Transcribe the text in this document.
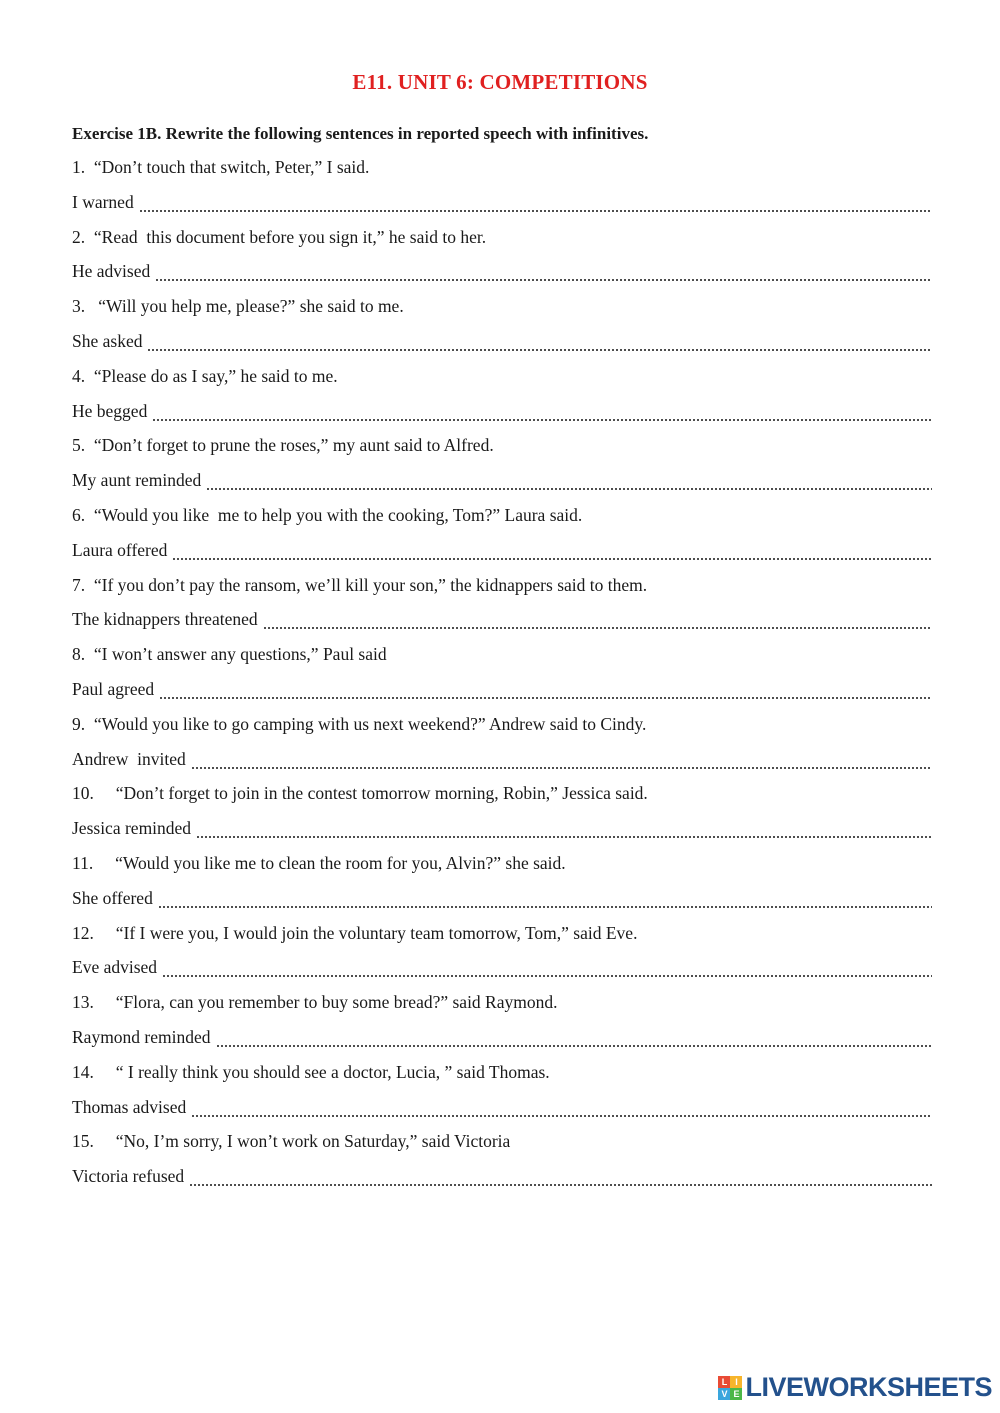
E11. UNIT 6: COMPETITIONS
Exercise 1B. Rewrite the following sentences in reported speech with infinitives.
1.  “Don’t touch that switch, Peter,” I said.
I warned
2.  “Read  this document before you sign it,” he said to her.
He advised
3.   “Will you help me, please?” she said to me.
She asked
4.  “Please do as I say,” he said to me.
He begged
5.  “Don’t forget to prune the roses,” my aunt said to Alfred.
My aunt reminded
6.  “Would you like  me to help you with the cooking, Tom?” Laura said.
Laura offered
7.  “If you don’t pay the ransom, we’ll kill your son,” the kidnappers said to them.
The kidnappers threatened
8.  “I won’t answer any questions,” Paul said
Paul agreed
9.  “Would you like to go camping with us next weekend?” Andrew said to Cindy.
Andrew  invited
10.     “Don’t forget to join in the contest tomorrow morning, Robin,” Jessica said.
Jessica reminded
11.     “Would you like me to clean the room for you, Alvin?” she said.
She offered
12.     “If I were you, I would join the voluntary team tomorrow, Tom,” said Eve.
Eve advised
13.     “Flora, can you remember to buy some bread?” said Raymond.
Raymond reminded
14.     “ I really think you should see a doctor, Lucia, ” said Thomas.
Thomas advised
15.     “No, I’m sorry, I won’t work on Saturday,” said Victoria
Victoria refused
L I
V E LIVEWORKSHEETS
